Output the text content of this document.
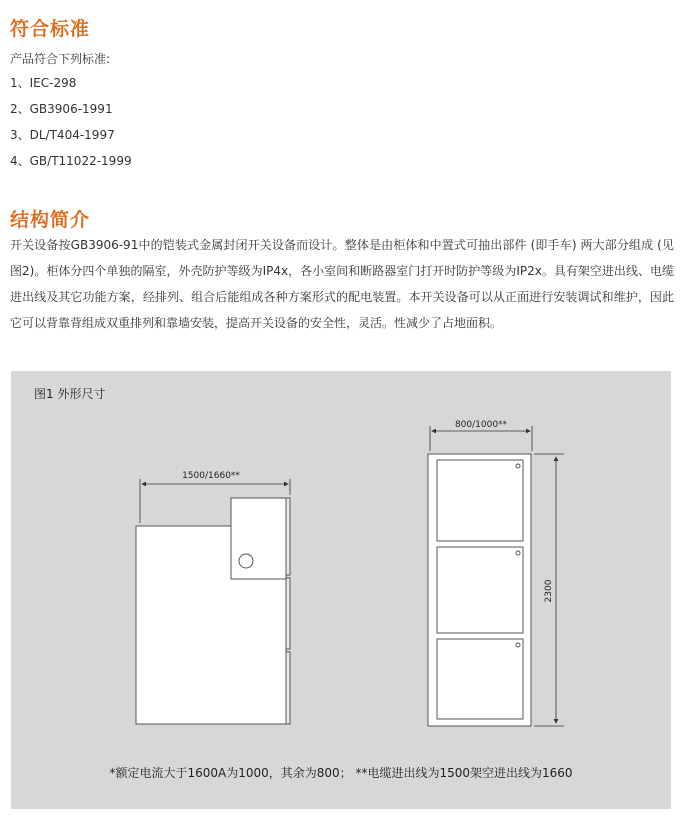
符合标准
产品符合下列标准:
1、IEC-298
2、GB3906-1991
3、DL/T404-1997
4、GB/T11022-1999
结构简介

开关设备按GB3906-91中的铠装式金属封闭开关设备而设计。整体是由柜体和中置式可抽出部件 (即手车) 两大部分组成 (见图2)。柜体分四个单独的隔室，外壳防护等级为IP4x，各小室间和断路器室门打开时防护等级为IP2x。具有架空进出线、电缆进出线及其它功能方案，经排列、组合后能组成各种方案形式的配电装置。本开关设备可以从正面进行安装调试和维护，因此它可以背靠背组成双重排列和靠墙安装，提高开关设备的安全性，灵活。性减少了占地面积。

1500/1660**
800/1000**
2300
图1 外形尺寸
*额定电流大于1600A为1000，其余为800； **电缆进出线为1500架空进出线为1660
